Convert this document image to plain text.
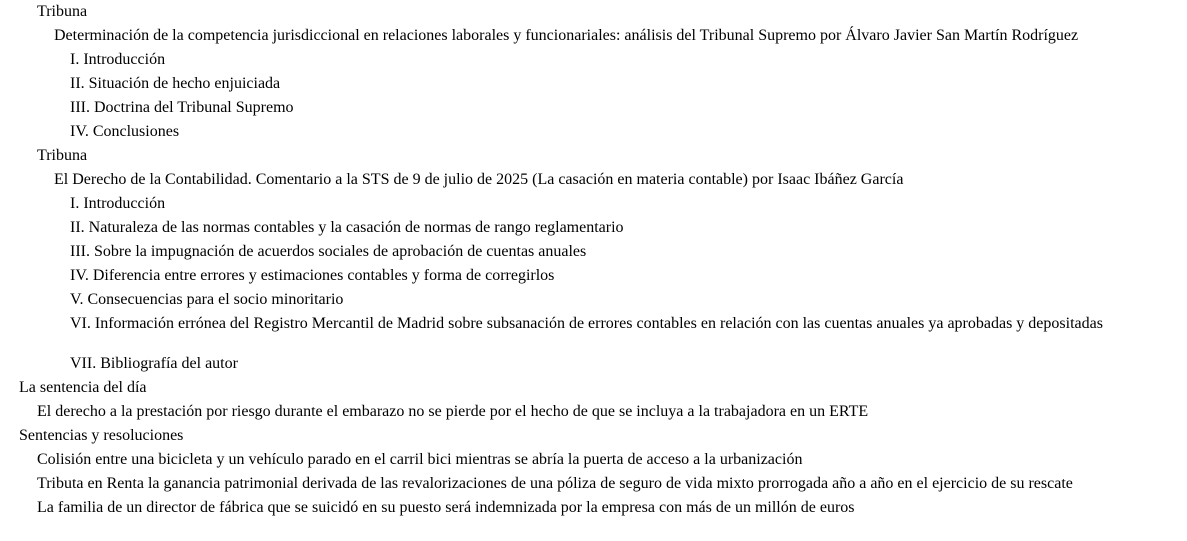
Tribuna
Determinación de la competencia jurisdiccional en relaciones laborales y funcionariales: análisis del Tribunal Supremo por Álvaro Javier San Martín Rodríguez
I. Introducción
II. Situación de hecho enjuiciada
III. Doctrina del Tribunal Supremo
IV. Conclusiones
Tribuna
El Derecho de la Contabilidad. Comentario a la STS de 9 de julio de 2025 (La casación en materia contable) por Isaac Ibáñez García
I. Introducción
II. Naturaleza de las normas contables y la casación de normas de rango reglamentario
III. Sobre la impugnación de acuerdos sociales de aprobación de cuentas anuales
IV. Diferencia entre errores y estimaciones contables y forma de corregirlos
V. Consecuencias para el socio minoritario
VI. Información errónea del Registro Mercantil de Madrid sobre subsanación de errores contables en relación con las cuentas anuales ya aprobadas y depositadas
VII. Bibliografía del autor
La sentencia del día
El derecho a la prestación por riesgo durante el embarazo no se pierde por el hecho de que se incluya a la trabajadora en un ERTE
Sentencias y resoluciones
Colisión entre una bicicleta y un vehículo parado en el carril bici mientras se abría la puerta de acceso a la urbanización
Tributa en Renta la ganancia patrimonial derivada de las revalorizaciones de una póliza de seguro de vida mixto prorrogada año a año en el ejercicio de su rescate
La familia de un director de fábrica que se suicidó en su puesto será indemnizada por la empresa con más de un millón de euros
